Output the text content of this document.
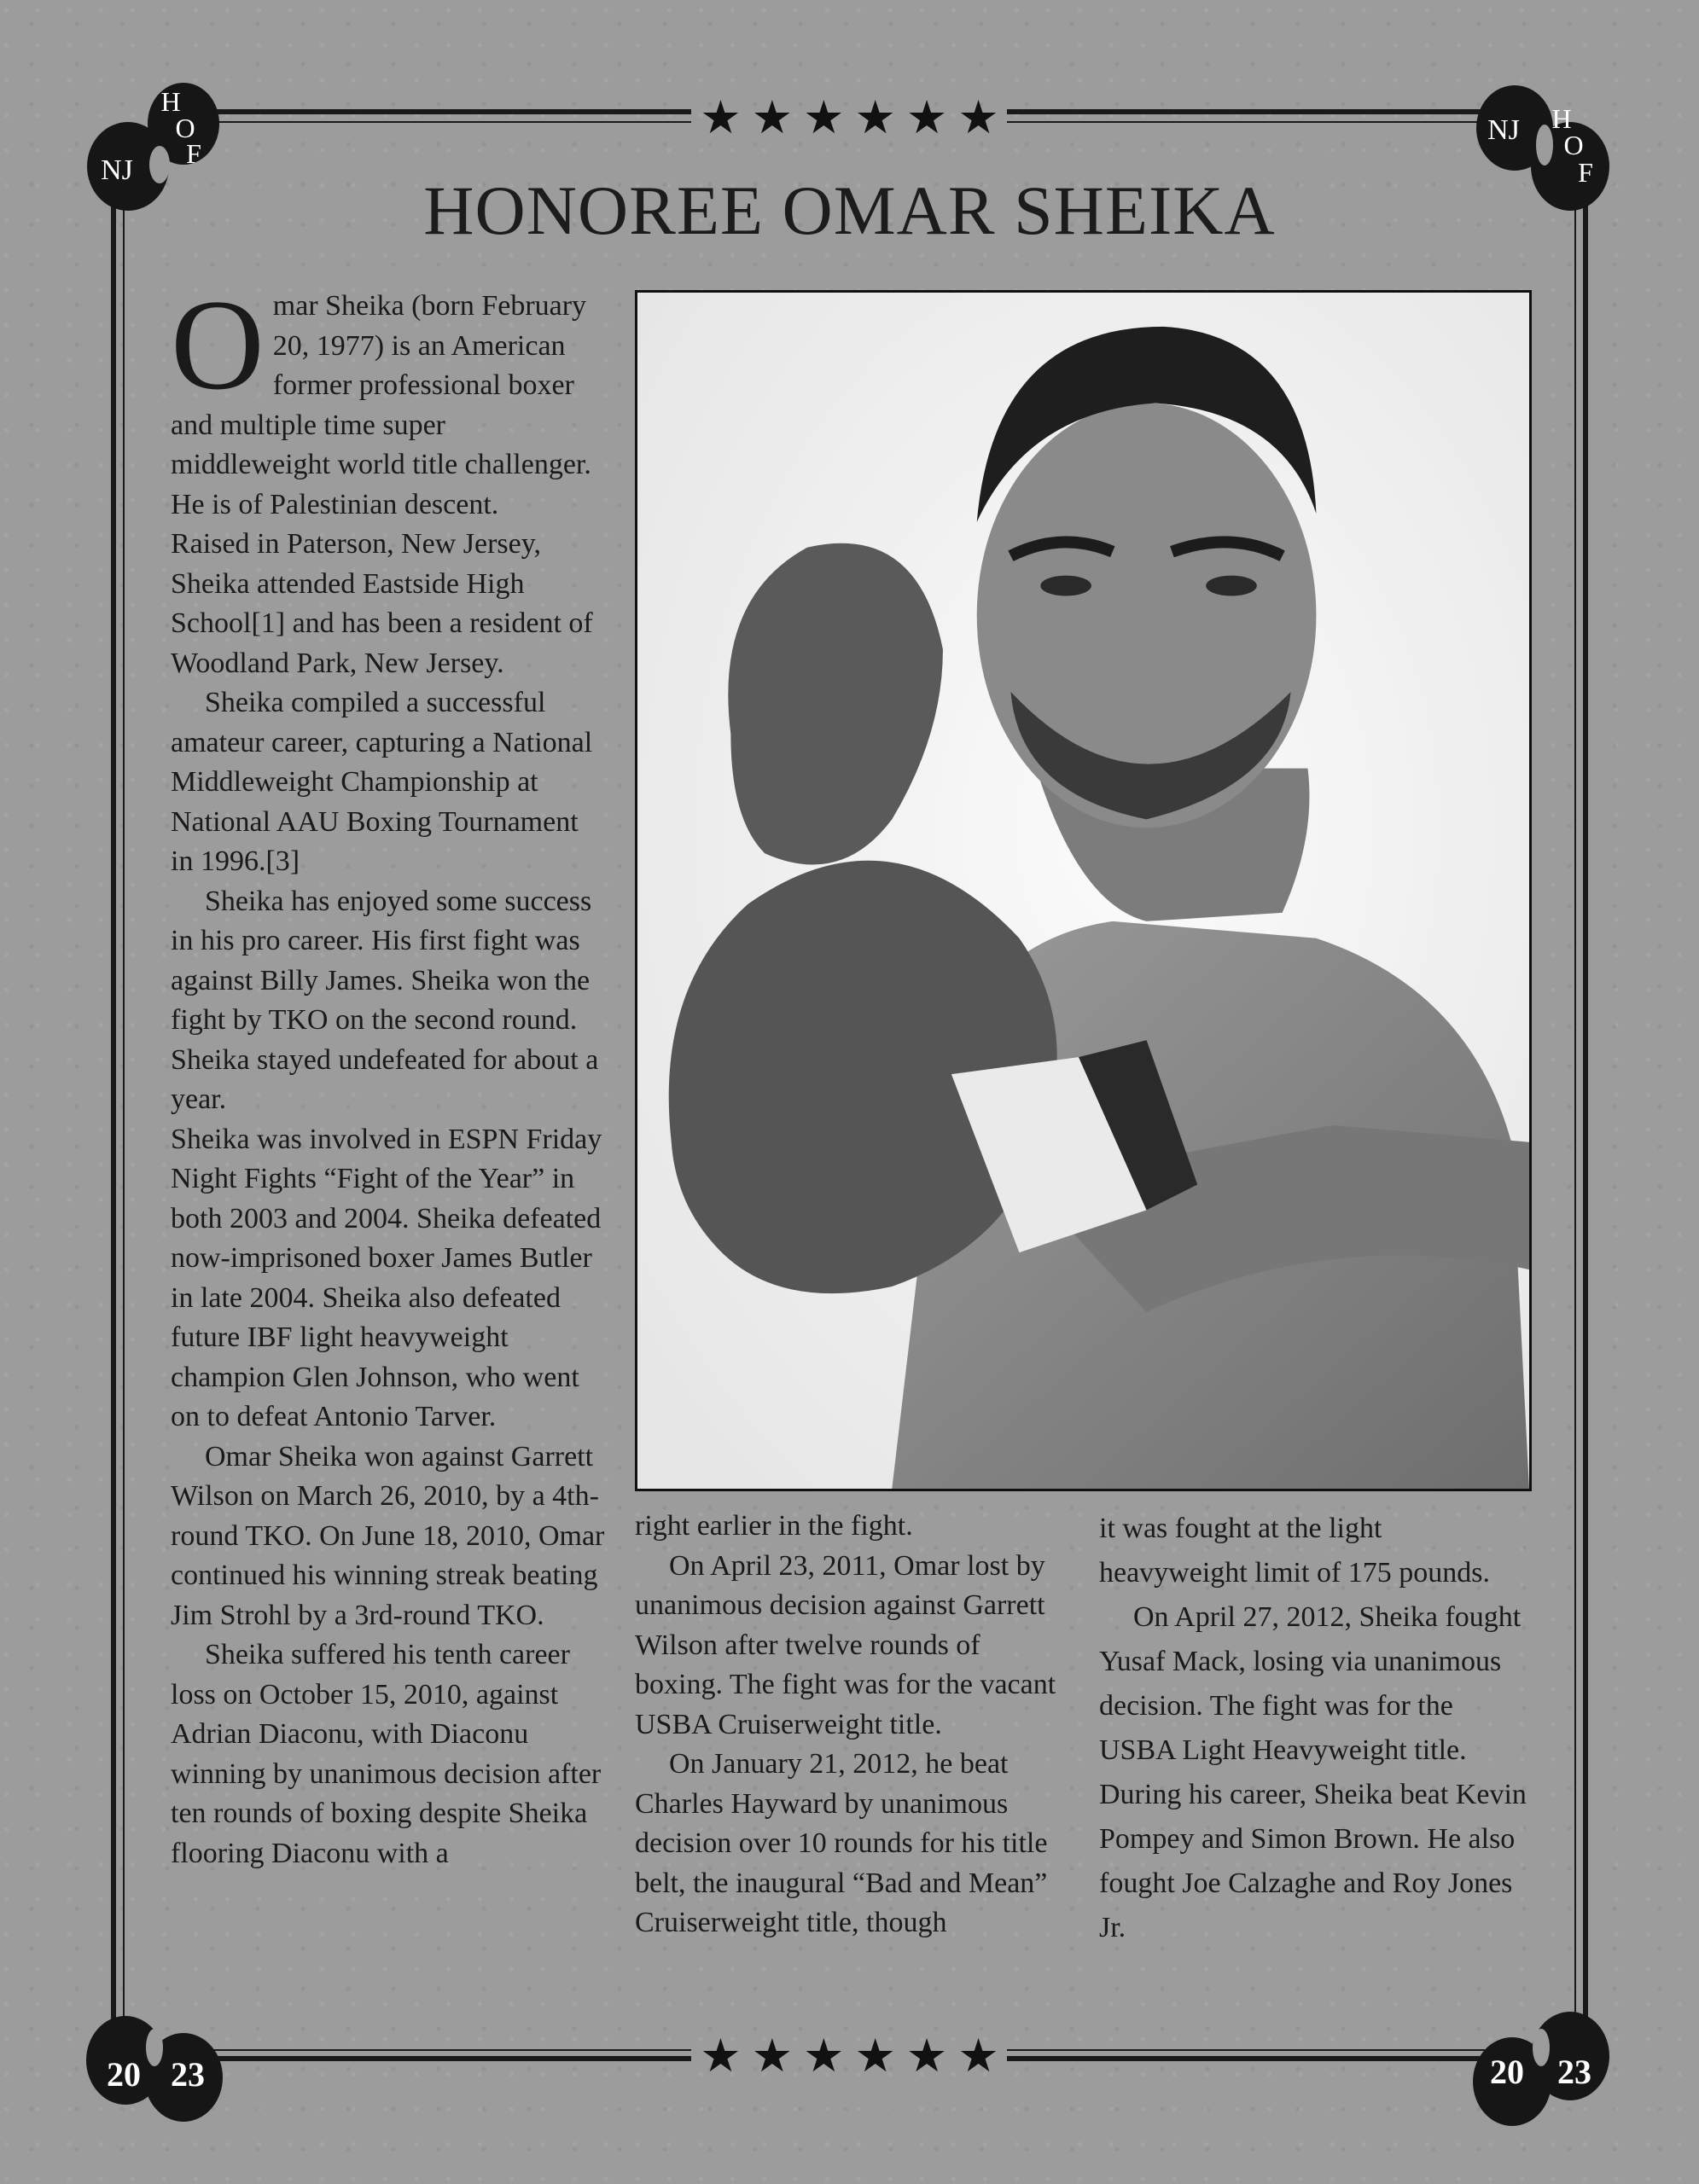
★ ★ ★ ★ ★ ★
★ ★ ★ ★ ★ ★
NJ
H
O
F
NJ H
O
F
20 23	20 23
HONOREE OMAR SHEIKA
O mar Sheika (born February 20, 1977) is an American former professional boxer and multiple time super middleweight world title challenger. He is of Palestinian descent.

Raised in Paterson, New Jersey, Sheika attended Eastside High School[1] and has been a resident of Woodland Park, New Jersey.

Sheika compiled a successful amateur career, capturing a National Middleweight Championship at National AAU Boxing Tournament in 1996.[3]

Sheika has enjoyed some success in his pro career. His first fight was against Billy James. Sheika won the fight by TKO on the second round. Sheika stayed undefeated for about a year.

Sheika was involved in ESPN Friday Night Fights “Fight of the Year” in both 2003 and 2004. Sheika defeated now-imprisoned boxer James Butler in late 2004. Sheika also defeated future IBF light heavyweight champion Glen Johnson, who went on to defeat Antonio Tarver.

Omar Sheika won against Garrett Wilson on March 26, 2010, by a 4th-round TKO. On June 18, 2010, Omar continued his winning streak beating Jim Strohl by a 3rd-round TKO.

Sheika suffered his tenth career loss on October 15, 2010, against Adrian Diaconu, with Diaconu winning by unanimous decision after ten rounds of boxing despite Sheika flooring Diaconu with a

right earlier in the fight.

On April 23, 2011, Omar lost by unanimous decision against Garrett Wilson after twelve rounds of boxing. The fight was for the vacant USBA Cruiserweight title.

On January 21, 2012, he beat Charles Hayward by unanimous decision over 10 rounds for his title belt, the inaugural “Bad and Mean” Cruiserweight title, though

it was fought at the light heavyweight limit of 175 pounds.

On April 27, 2012, Sheika fought Yusaf Mack, losing via unanimous decision. The fight was for the USBA Light Heavyweight title.

During his career, Sheika beat Kevin Pompey and Simon Brown. He also fought Joe Calzaghe and Roy Jones Jr.
